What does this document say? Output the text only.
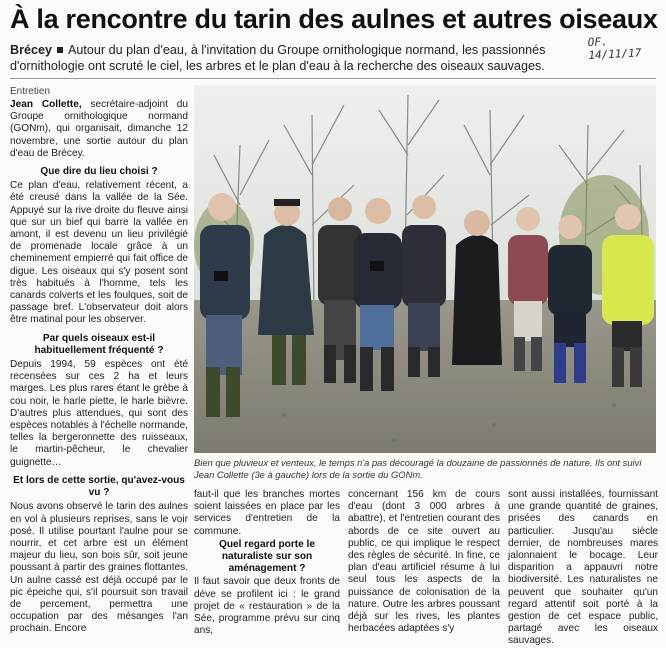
À la rencontre du tarin des aulnes et autres oiseaux
OF. 14/11/17
Brécey Autour du plan d'eau, à l'invitation du Groupe ornithologique normand, les passionnés d'ornithologie ont scruté le ciel, les arbres et le plan d'eau à la recherche des oiseaux sauvages.
Entretien

Jean Collette, secrétaire-adjoint du Groupe ornithologique normand (GONm), qui organisait, dimanche 12 novembre, une sortie autour du plan d'eau de Brécey.

Que dire du lieu choisi ?

Ce plan d'eau, relativement récent, a été creusé dans la vallée de la Sée. Appuyé sur la rive droite du fleuve ainsi que sur un bief qui barre la vallée en amont, il est devenu un lieu privilégié de promenade locale grâce à un cheminement empierré qui fait office de digue. Les oiseaux qui s'y posent sont très habitués à l'homme, tels les canards colverts et les foulques, soit de passage bref. L'observateur doit alors être matinal pour les observer.

Par quels oiseaux est-il habituellement fréquenté ?

Depuis 1994, 59 espèces ont été recensées sur ces 2 ha et leurs marges. Les plus rares étant le grèbe à cou noir, le harle piette, le harle bièvre. D'autres plus attendues, qui sont des espèces notables à l'échelle normande, telles la bergeronnette des ruisseaux, le martin-pêcheur, le chevalier guignette…

Et lors de cette sortie, qu'avez-vous vu ?

Nous avons observé le tarin des aulnes en vol à plusieurs reprises, sans le voir posé. Il utilise pourtant l'aulne pour se nourrir, et cet arbre est un élément majeur du lieu, son bois sûr, soit jeune poussant à partir des graines flottantes. Un aulne cassé est déjà occupé par le pic épeiche qui, s'il poursuit son travail de percement, permettra une occupation par des mésanges l'an prochain. Encore

Bien que pluvieux et venteux, le temps n'a pas découragé la douzaine de passionnés de nature. Ils ont suivi Jean Collette (3e à gauche) lors de la sortie du GONm.

faut-il que les branches mortes soient laissées en place par les services d'entretien de la commune.

Quel regard porte le naturaliste sur son aménagement ?

Il faut savoir que deux fronts de déve se profilent ici : le grand projet de « restauration » de la Sée, programme prévu sur cinq ans,

concernant 156 km de cours d'eau (dont 3 000 arbres à abattre), et l'entretien courant des abords de ce site ouvert au public, ce qui implique le respect des règles de sécurité. In fine, ce plan d'eau artificiel résume à lui seul tous les aspects de la puissance de colonisation de la nature. Outre les arbres poussant déjà sur les rives, les plantes herbacées adaptées s'y

sont aussi installées, fournissant une grande quantité de graines, prisées des canards en particulier. Jusqu'au siècle dernier, de nombreuses mares jalonnaient le bocage. Leur disparition a appauvri notre biodiversité. Les naturalistes ne peuvent que souhaiter qu'un regard attentif soit porté à la gestion de cet espace public, partagé avec les oiseaux sauvages.
